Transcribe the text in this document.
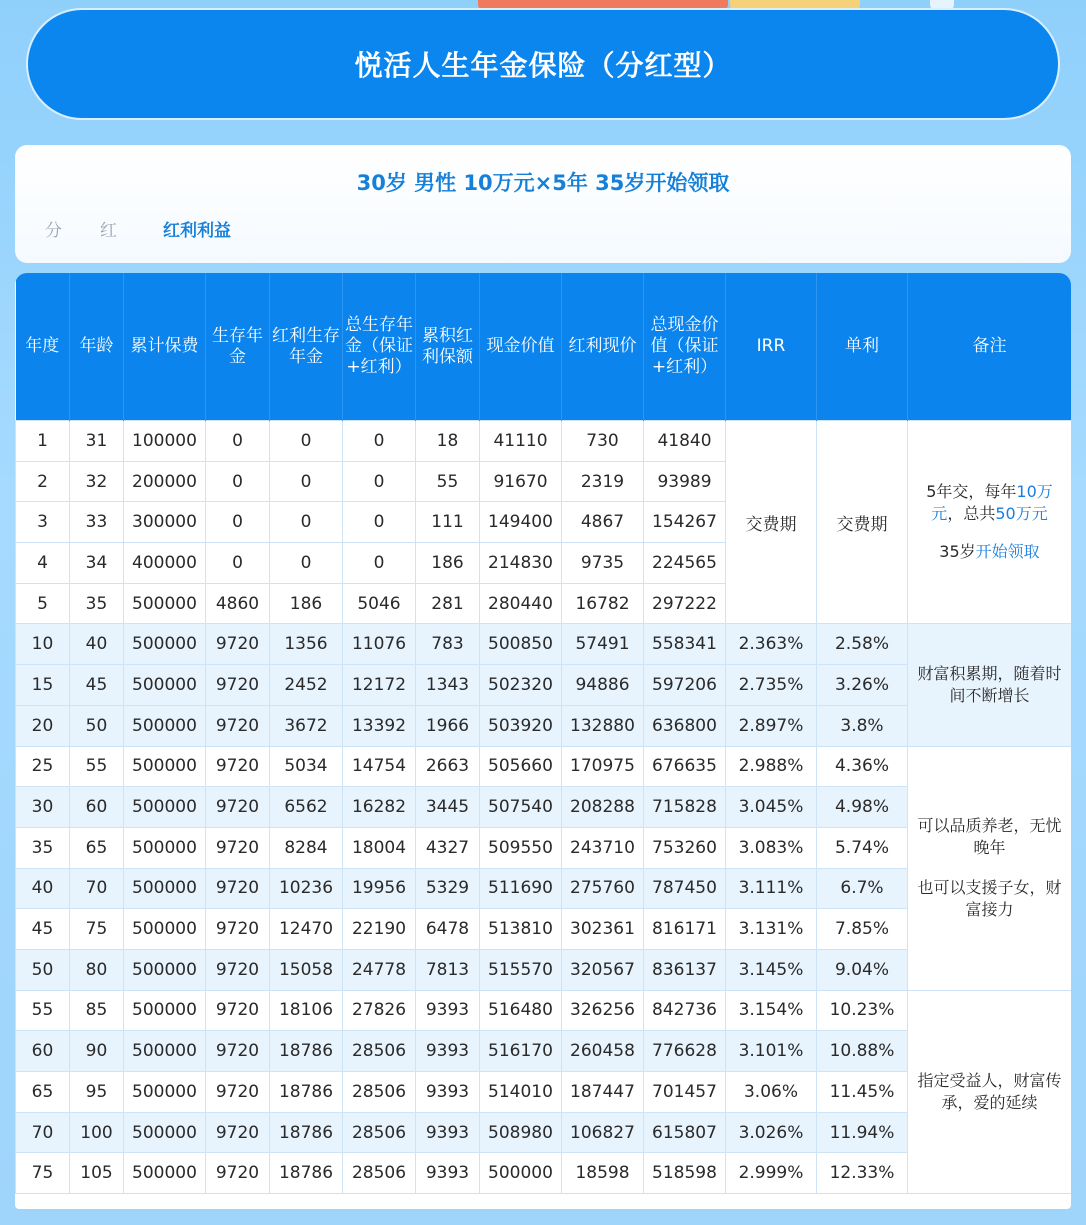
悦活人生年金保险（分红型）
30岁 男性 10万元×5年 35岁开始领取
分 红 红利利益
年度	年龄	累计保费	生存年金	红利生存年金	总生存年金（保证+红利）	累积红利保额	现金价值	红利现价	总现金价值（保证+红利）	IRR	单利	备注
1	31	100000	0	0	0	18	41110	730	41840	交费期	交费期	5年交，每年10万元，总共50万元
35岁开始领取

2	32	200000	0	0	0	55	91670	2319	93989			
3	33	300000	0	0	0	111	149400	4867	154267			
4	34	400000	0	0	0	186	214830	9735	224565			
5	35	500000	4860	186	5046	281	280440	16782	297222			
10	40	500000	9720	1356	11076	783	500850	57491	558341	2.363%	2.58%	财富积累期，随着时间不断增长
15	45	500000	9720	2452	12172	1343	502320	94886	597206	2.735%	3.26%	
20	50	500000	9720	3672	13392	1966	503920	132880	636800	2.897%	3.8%	
25	55	500000	9720	5034	14754	2663	505660	170975	676635	2.988%	4.36%	可以品质养老，无忧晚年
也可以支援子女，财富接力

30	60	500000	9720	6562	16282	3445	507540	208288	715828	3.045%	4.98%	
35	65	500000	9720	8284	18004	4327	509550	243710	753260	3.083%	5.74%	
40	70	500000	9720	10236	19956	5329	511690	275760	787450	3.111%	6.7%	
45	75	500000	9720	12470	22190	6478	513810	302361	816171	3.131%	7.85%	
50	80	500000	9720	15058	24778	7813	515570	320567	836137	3.145%	9.04%	
55	85	500000	9720	18106	27826	9393	516480	326256	842736	3.154%	10.23%	指定受益人，财富传承，爱的延续
60	90	500000	9720	18786	28506	9393	516170	260458	776628	3.101%	10.88%	
65	95	500000	9720	18786	28506	9393	514010	187447	701457	3.06%	11.45%	
70	100	500000	9720	18786	28506	9393	508980	106827	615807	3.026%	11.94%	
75	105	500000	9720	18786	28506	9393	500000	18598	518598	2.999%	12.33%	
